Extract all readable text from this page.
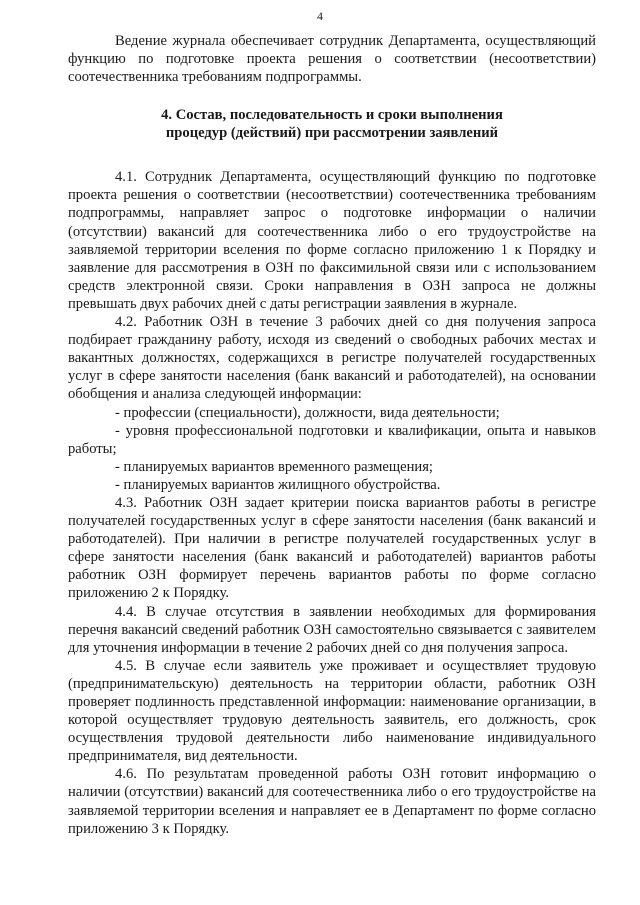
4

Ведение журнала обеспечивает сотрудник Департамента, осуществляющий функцию по подготовке проекта решения о соответствии (несоответствии) соотечественника требованиям подпрограммы.

4. Состав, последовательность и сроки выполнения
процедур (действий) при рассмотрении заявлений

4.1. Сотрудник Департамента, осуществляющий функцию по подготовке проекта решения о соответствии (несоответствии) соотечественника требованиям подпрограммы, направляет запрос о подготовке информации о наличии (отсутствии) вакансий для соотечественника либо о его трудоустройстве на заявляемой территории вселения по форме согласно приложению 1 к Порядку и заявление для рассмотрения в ОЗН по факсимильной связи или с использованием средств электронной связи. Сроки направления в ОЗН запроса не должны превышать двух рабочих дней с даты регистрации заявления в журнале.

4.2. Работник ОЗН в течение 3 рабочих дней со дня получения запроса подбирает гражданину работу, исходя из сведений о свободных рабочих местах и вакантных должностях, содержащихся в регистре получателей государственных услуг в сфере занятости населения (банк вакансий и работодателей), на основании обобщения и анализа следующей информации:

- профессии (специальности), должности, вида деятельности;

- уровня профессиональной подготовки и квалификации, опыта и навыков работы;

- планируемых вариантов временного размещения;

- планируемых вариантов жилищного обустройства.

4.3. Работник ОЗН задает критерии поиска вариантов работы в регистре получателей государственных услуг в сфере занятости населения (банк вакансий и работодателей). При наличии в регистре получателей государственных услуг в сфере занятости населения (банк вакансий и работодателей) вариантов работы работник ОЗН формирует перечень вариантов работы по форме согласно приложению 2 к Порядку.

4.4. В случае отсутствия в заявлении необходимых для формирования перечня вакансий сведений работник ОЗН самостоятельно связывается с заявителем для уточнения информации в течение 2 рабочих дней со дня получения запроса.

4.5. В случае если заявитель уже проживает и осуществляет трудовую (предпринимательскую) деятельность на территории области, работник ОЗН проверяет подлинность представленной информации: наименование организации, в которой осуществляет трудовую деятельность заявитель, его должность, срок осуществления трудовой деятельности либо наименование индивидуального предпринимателя, вид деятельности.

4.6. По результатам проведенной работы ОЗН готовит информацию о наличии (отсутствии) вакансий для соотечественника либо о его трудоустройстве на заявляемой территории вселения и направляет ее в Департамент по форме согласно приложению 3 к Порядку.
